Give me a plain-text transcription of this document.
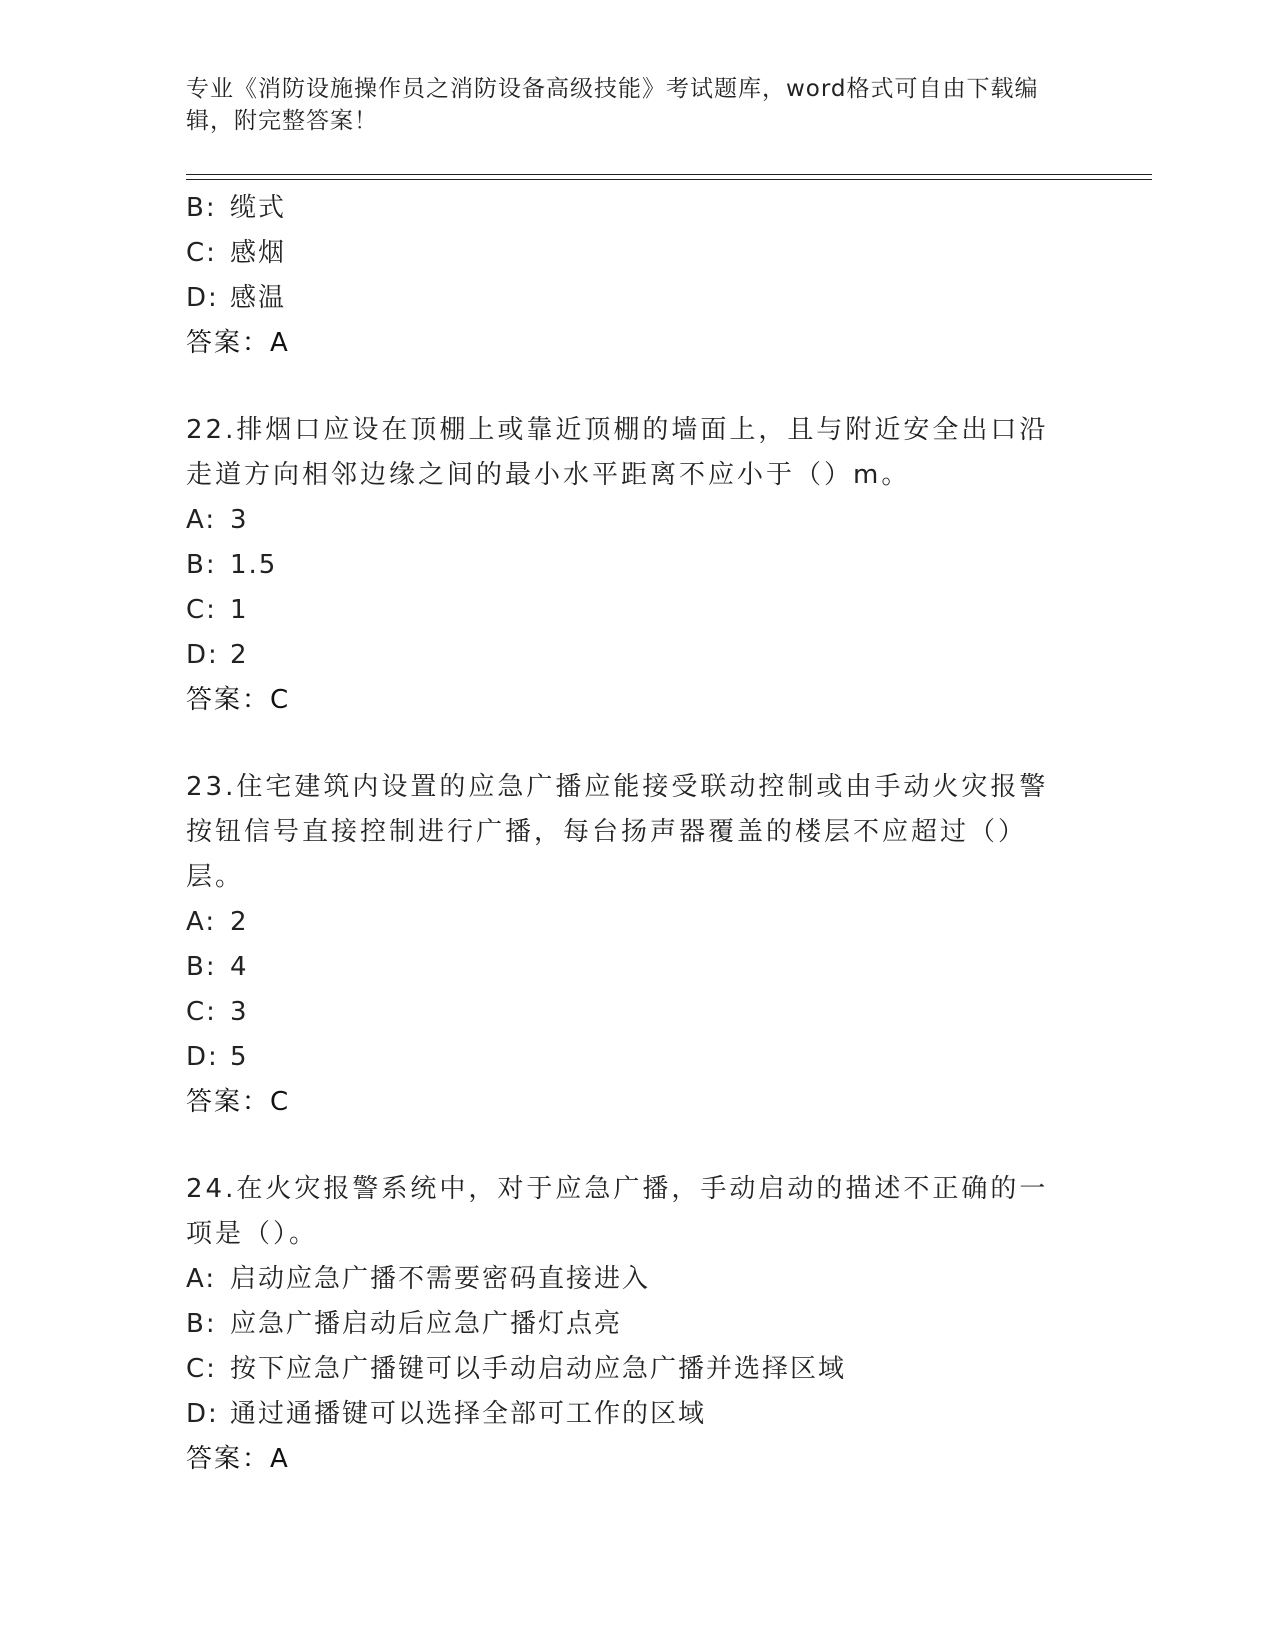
专业《消防设施操作员之消防设备高级技能》考试题库，word格式可自由下载编辑，附完整答案！
B: 缆式
C: 感烟
D: 感温
答案：A
22.排烟口应设在顶棚上或靠近顶棚的墙面上，且与附近安全出口沿走道方向相邻边缘之间的最小水平距离不应小于（）m。
A: 3
B: 1.5
C: 1
D: 2
答案：C
23.住宅建筑内设置的应急广播应能接受联动控制或由手动火灾报警按钮信号直接控制进行广播，每台扬声器覆盖的楼层不应超过（）层。
A: 2
B: 4
C: 3
D: 5
答案：C
24.在火灾报警系统中，对于应急广播，手动启动的描述不正确的一项是（）。
A: 启动应急广播不需要密码直接进入
B: 应急广播启动后应急广播灯点亮
C: 按下应急广播键可以手动启动应急广播并选择区域
D: 通过通播键可以选择全部可工作的区域
答案：A
